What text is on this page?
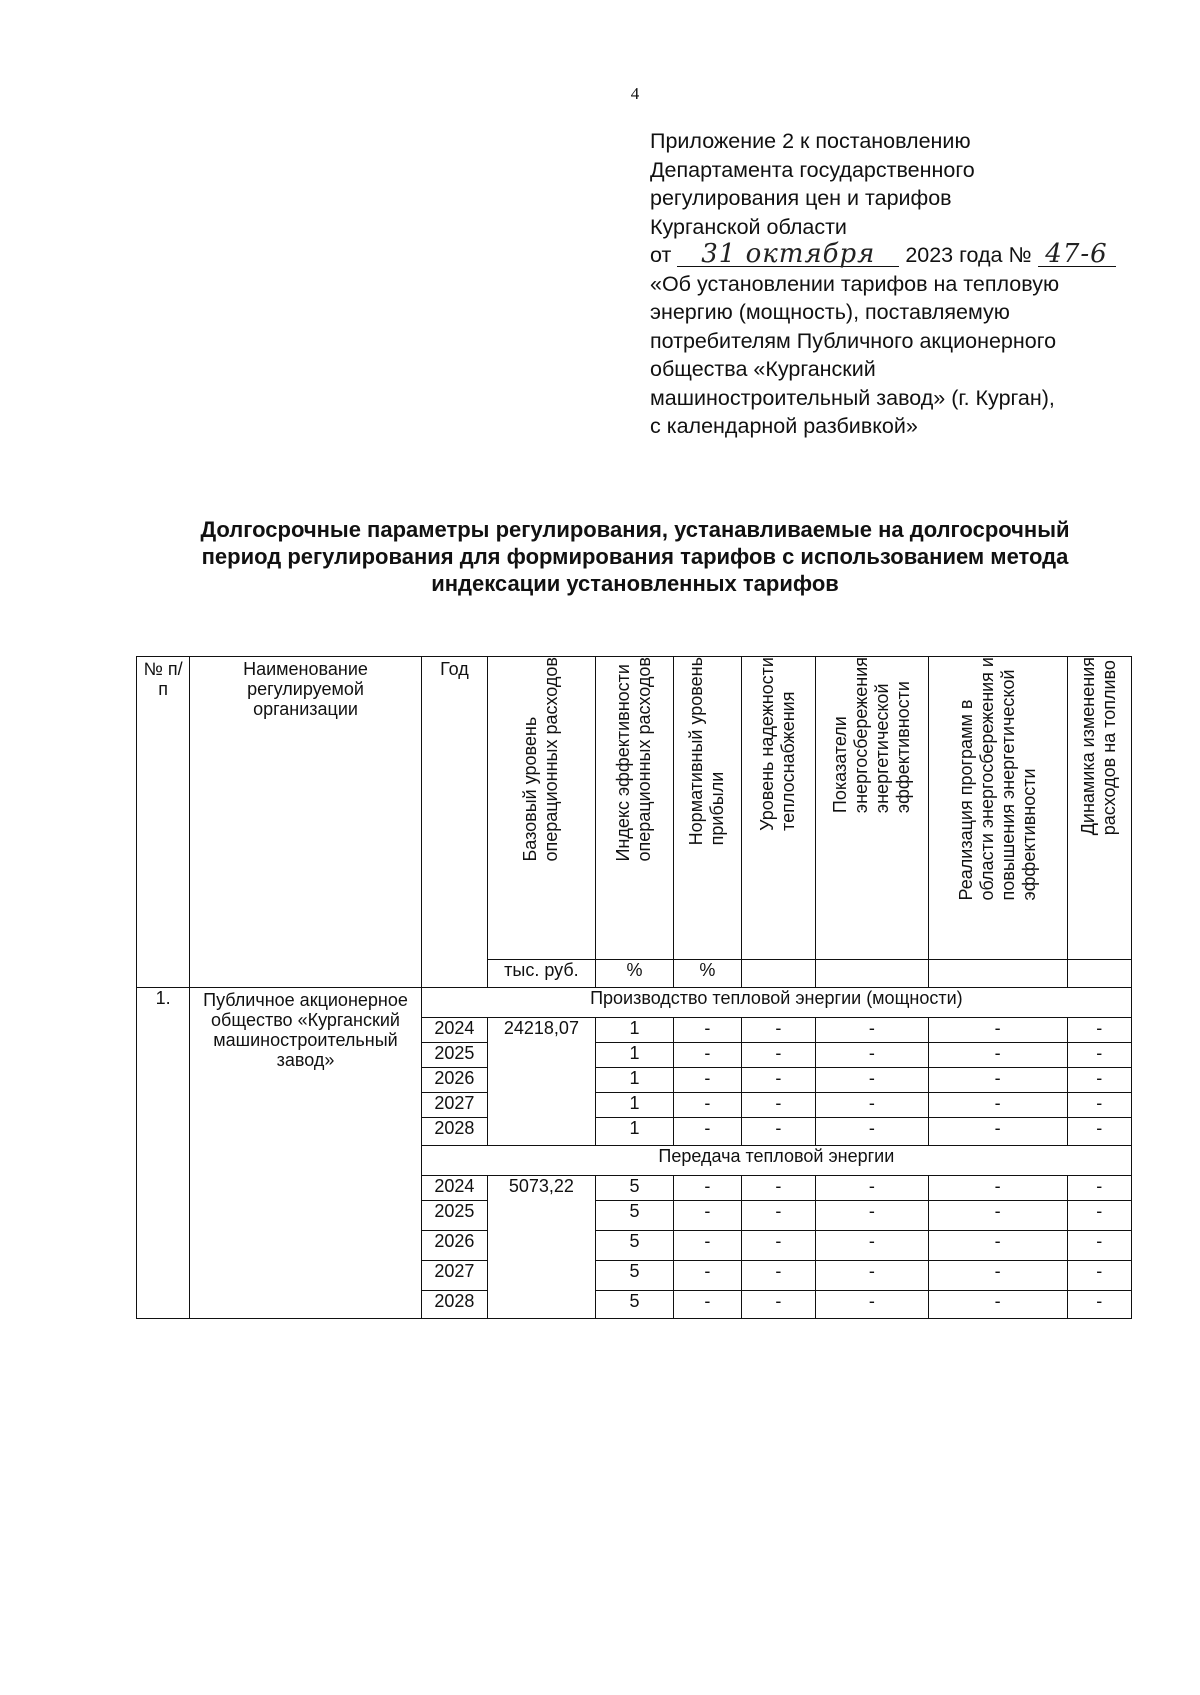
4
Приложение 2 к постановлению
Департамента государственного
регулирования цен и тарифов
Курганской области
от 31 октября 2023 года № 47-6
«Об установлении тарифов на тепловую
энергию (мощность), поставляемую
потребителям Публичного акционерного
общества «Курганский
машиностроительный завод» (г. Курган),
с календарной разбивкой»
Долгосрочные параметры регулирования, устанавливаемые на долгосрочный
период регулирования для формирования тарифов с использованием метода
индексации установленных тарифов
№ п/п	Наименование регулируемой организации	Год	Базовый уровень
операционных расходов	Индекс эффективности
операционных расходов	Нормативный уровень
прибыли	Уровень надежности
теплоснабжения	Показатели
энергосбережения
энергетической
эффективности	Реализация программ в
области энергосбережения и
повышения энергетической
эффективности	Динамика изменения
расходов на топливо
			тыс. руб.	%	%				
1.	Публичное акционерное общество «Курганский машиностроительный завод»	Производство тепловой энергии (мощности)							
		2024	24218,07	1	-	-	-	-	-
		2025		1	-	-	-	-	-
		2026		1	-	-	-	-	-
		2027		1	-	-	-	-	-
		2028		1	-	-	-	-	-
		Передача тепловой энергии							
		2024	5073,22	5	-	-	-	-	-
		2025		5	-	-	-	-	-
		2026		5	-	-	-	-	-
		2027		5	-	-	-	-	-
		2028		5	-	-	-	-	-
